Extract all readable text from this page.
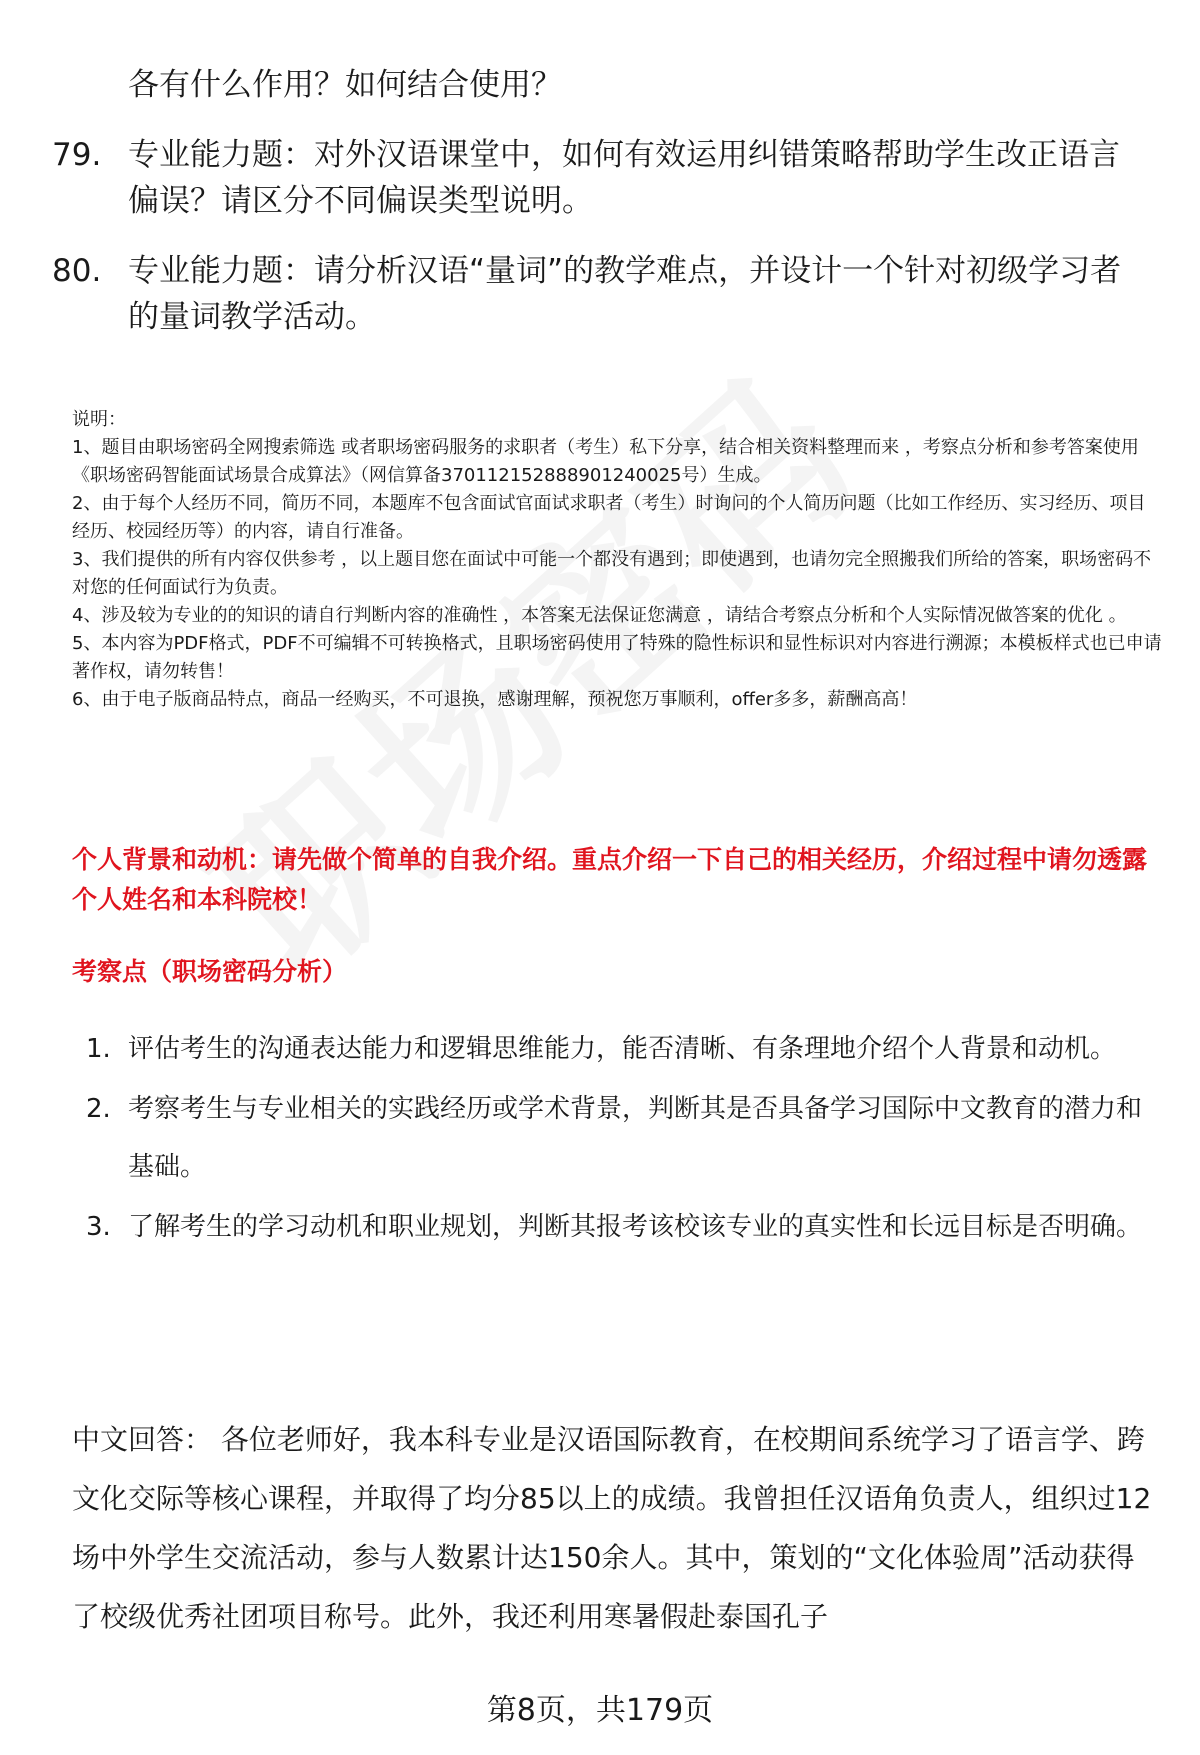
各有什么作用？如何结合使用？

79. 专业能力题：对外汉语课堂中，如何有效运用纠错策略帮助学生改正语言偏误？请区分不同偏误类型说明。
80. 专业能力题：请分析汉语“量词”的教学难点，并设计一个针对初级学习者的量词教学活动。

说明：

1、题目由职场密码全网搜索筛选 或者职场密码服务的求职者（考生）私下分享，结合相关资料整理而来 ，考察点分析和参考答案使用《职场密码智能面试场景合成算法》（网信算备370112152888901240025号）生成。

2、由于每个人经历不同，简历不同，本题库不包含面试官面试求职者（考生）时询问的个人简历问题（比如工作经历、实习经历、项目经历、校园经历等）的内容，请自行准备。

3、我们提供的所有内容仅供参考 ，以上题目您在面试中可能一个都没有遇到；即使遇到，也请勿完全照搬我们所给的答案，职场密码不对您的任何面试行为负责。

4、涉及较为专业的的知识的请自行判断内容的准确性 ，本答案无法保证您满意 ，请结合考察点分析和个人实际情况做答案的优化 。

5、本内容为PDF格式，PDF不可编辑不可转换格式，且职场密码使用了特殊的隐性标识和显性标识对内容进行溯源；本模板样式也已申请著作权，请勿转售！

6、由于电子版商品特点，商品一经购买，不可退换，感谢理解，预祝您万事顺利，offer多多，薪酬高高！

个人背景和动机：请先做个简单的自我介绍。重点介绍一下自己的相关经历，介绍过程中请勿透露个人姓名和本科院校！

考察点（职场密码分析）

1. 评估考生的沟通表达能力和逻辑思维能力，能否清晰、有条理地介绍个人背景和动机。
2. 考察考生与专业相关的实践经历或学术背景，判断其是否具备学习国际中文教育的潜力和基础。
3. 了解考生的学习动机和职业规划，判断其报考该校该专业的真实性和长远目标是否明确。

中文回答： 各位老师好，我本科专业是汉语国际教育，在校期间系统学习了语言学、跨文化交际等核心课程，并取得了均分85以上的成绩。我曾担任汉语角负责人，组织过12场中外学生交流活动，参与人数累计达150余人。其中，策划的“文化体验周”活动获得了校级优秀社团项目称号。此外，我还利用寒暑假赴泰国孔子

第8页，共179页
